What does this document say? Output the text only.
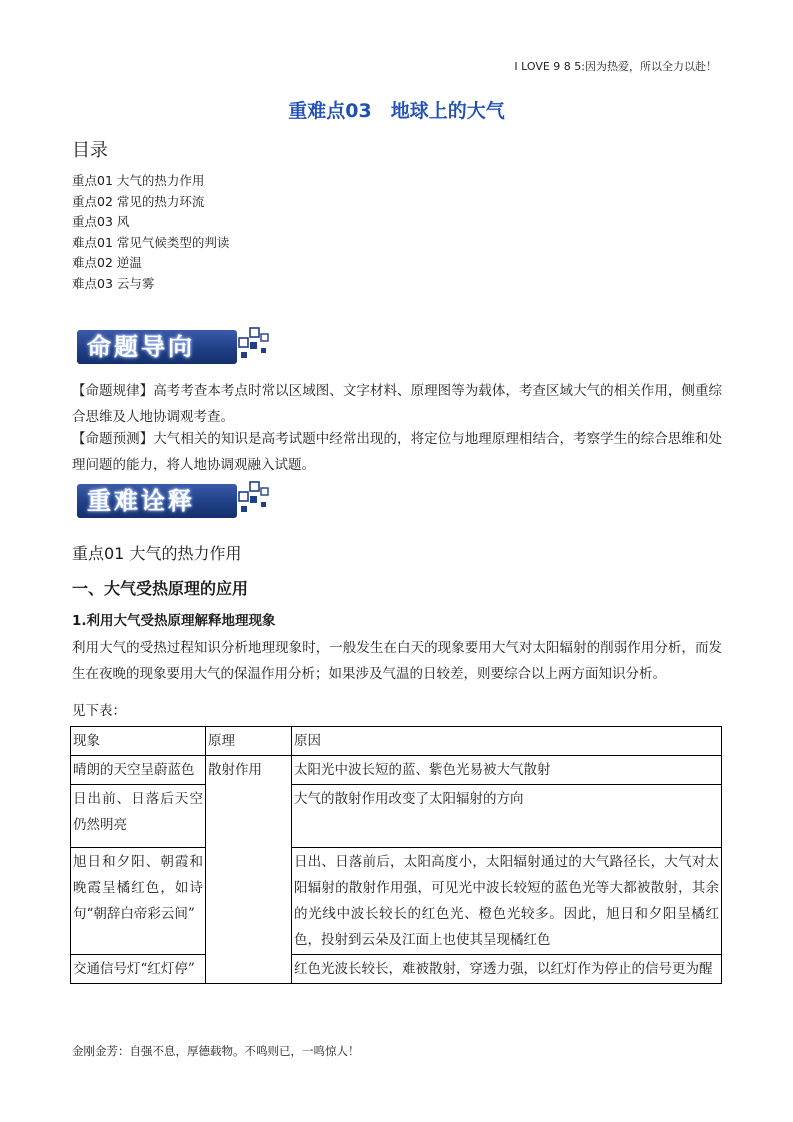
I LOVE 9 8 5:因为热爱，所以全力以赴！
重难点03　地球上的大气
目录
重点01 大气的热力作用
重点02 常见的热力环流
重点03 风
难点01 常见气候类型的判读
难点02 逆温
难点03 云与雾
命题导向

【命题规律】高考考查本考点时常以区域图、文字材料、原理图等为载体，考查区域大气的相关作用，侧重综合思维及人地协调观考查。

【命题预测】大气相关的知识是高考试题中经常出现的，将定位与地理原理相结合，考察学生的综合思维和处理问题的能力，将人地协调观融入试题。

重难诠释
重点01 大气的热力作用
一、大气受热原理的应用
1.利用大气受热原理解释地理现象

利用大气的受热过程知识分析地理现象时，一般发生在白天的现象要用大气对太阳辐射的削弱作用分析，而发生在夜晚的现象要用大气的保温作用分析；如果涉及气温的日较差，则要综合以上两方面知识分析。

见下表：

现象	原理	原因
晴朗的天空呈蔚蓝色	散射作用	太阳光中波长短的蓝、紫色光易被大气散射
日出前、日落后天空仍然明亮		大气的散射作用改变了太阳辐射的方向
旭日和夕阳、朝霞和晚霞呈橘红色，如诗句“朝辞白帝彩云间”		日出、日落前后，太阳高度小，太阳辐射通过的大气路径长，大气对太阳辐射的散射作用强，可见光中波长较短的蓝色光等大都被散射，其余的光线中波长较长的红色光、橙色光较多。因此，旭日和夕阳呈橘红色，投射到云朵及江面上也使其呈现橘红色
交通信号灯“红灯停”		红色光波长较长，难被散射，穿透力强，以红灯作为停止的信号更为醒
金刚金芳：自强不息，厚德载物。不鸣则已，一鸣惊人！
